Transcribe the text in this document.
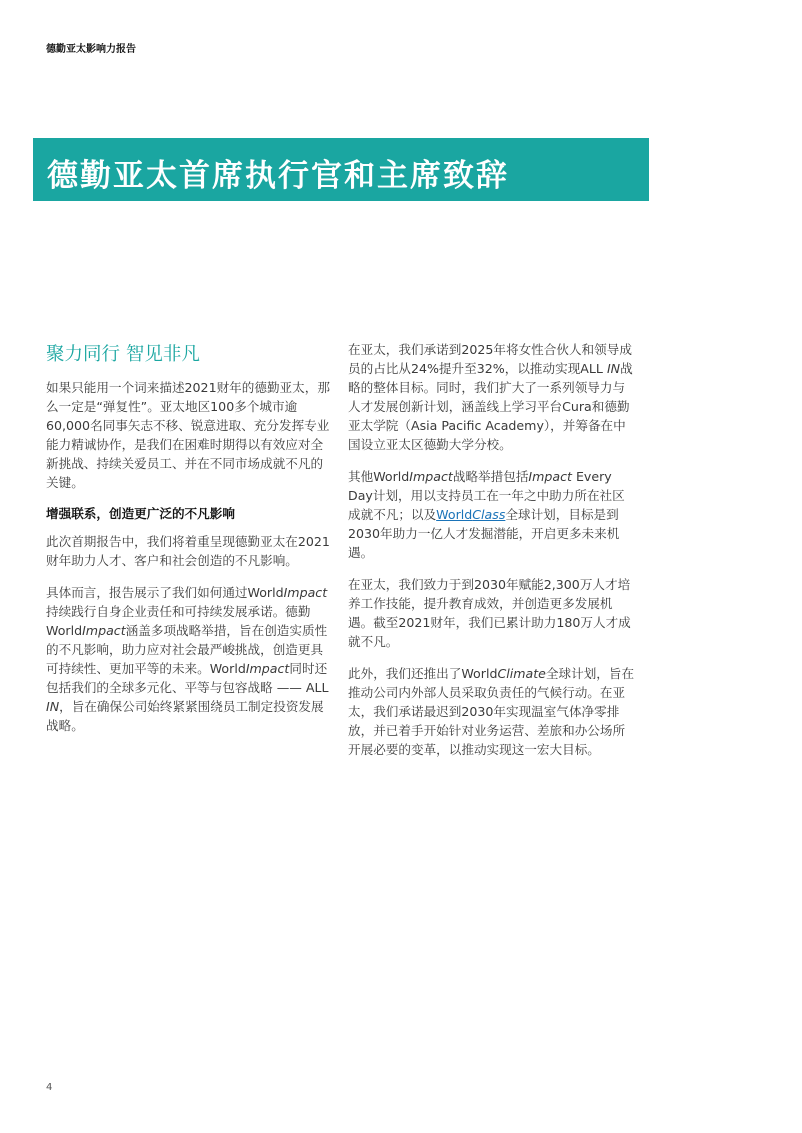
德勤亚太影响力报告
德勤亚太首席执行官和主席致辞
聚力同行 智见非凡

如果只能用一个词来描述2021财年的德勤亚太，那么一定是“弹复性”。亚太地区100多个城市逾60,000名同事矢志不移、锐意进取、充分发挥专业能力精诚协作，是我们在困难时期得以有效应对全新挑战、持续关爱员工、并在不同市场成就不凡的关键。

增强联系，创造更广泛的不凡影响

此次首期报告中，我们将着重呈现德勤亚太在2021财年助力人才、客户和社会创造的不凡影响。

具体而言，报告展示了我们如何通过WorldImpact持续践行自身企业责任和可持续发展承诺。德勤WorldImpact涵盖多项战略举措，旨在创造实质性的不凡影响，助力应对社会最严峻挑战，创造更具可持续性、更加平等的未来。WorldImpact同时还包括我们的全球多元化、平等与包容战略 —— ALL IN，旨在确保公司始终紧紧围绕员工制定投资发展战略。

在亚太，我们承诺到2025年将女性合伙人和领导成员的占比从24%提升至32%，以推动实现ALL IN战略的整体目标。同时，我们扩大了一系列领导力与人才发展创新计划，涵盖线上学习平台Cura和德勤亚太学院（Asia Pacific Academy），并筹备在中国设立亚太区德勤大学分校。

其他WorldImpact战略举措包括Impact Every Day计划，用以支持员工在一年之中助力所在社区成就不凡；以及WorldClass全球计划，目标是到2030年助力一亿人才发掘潜能，开启更多未来机遇。

在亚太，我们致力于到2030年赋能2,300万人才培养工作技能，提升教育成效，并创造更多发展机遇。截至2021财年，我们已累计助力180万人才成就不凡。

此外，我们还推出了WorldClimate全球计划，旨在推动公司内外部人员采取负责任的气候行动。在亚太，我们承诺最迟到2030年实现温室气体净零排放，并已着手开始针对业务运营、差旅和办公场所开展必要的变革，以推动实现这一宏大目标。

4
